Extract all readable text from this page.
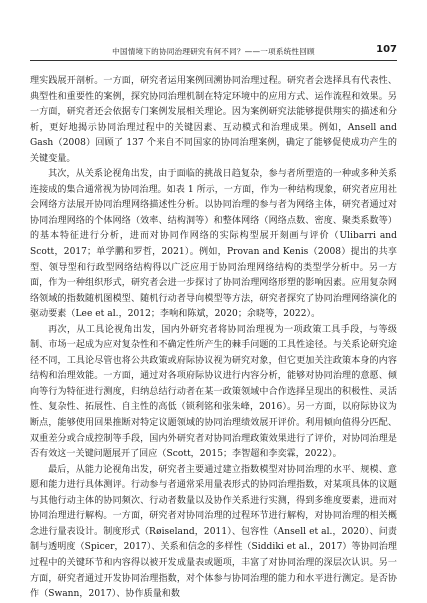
中国情境下的协同治理研究有何不同？——一项系统性回顾	107

理实践展开剖析。一方面，研究者运用案例回溯协同治理过程。研究者会选择具有代表性、典型性和重要性的案例，探究协同治理机制在特定环境中的应用方式、运作流程和效果。另一方面，研究者还会依据专门案例发展相关理论。因为案例研究法能够提供翔实的描述和分析，更好地揭示协同治理过程中的关键因素、互动模式和治理成果。例如，Ansell and Gash（2008）回顾了 137 个来自不同国家的协同治理案例，确定了能够促使成功产生的关键变量。

其次，从关系论视角出发，由于面临的挑战日趋复杂，参与者所塑造的一种或多种关系连接成的集合通常视为协同治理。如表 1 所示，一方面，作为一种结构现象，研究者应用社会网络方法展开协同治理网络描述性分析。以协同治理的参与者为网络主体，研究者通过对协同治理网络的个体网络（效率、结构洞等）和整体网络（网络点数、密度、聚类系数等）的基本特征进行分析，进而对协同作网络的实际构型展开刻画与评价（Ulibarri and Scott，2017；单学鹏和罗哲，2021）。例如，Provan and Kenis（2008）提出的共享型、领导型和行政型网络结构得以广泛应用于协同治理网络结构的类型学分析中。另一方面，作为一种组织形式，研究者会进一步探讨了协同治理网络形塑的影响因素。应用复杂网络领域的指数随机图模型、随机行动者导向模型等方法，研究者探究了协同治理网络演化的驱动要素（Lee et al.，2012；李响和陈斌，2020；余晓等，2022）。

再次，从工具论视角出发，国内外研究者将协同治理视为一项政策工具手段，与等级制、市场一起成为应对复杂性和不确定性所产生的棘手问题的工具性途径。与关系论研究途径不同，工具论尽管也将公共政策或府际协议视为研究对象，但它更加关注政策本身的内容结构和治理效能。一方面，通过对各项府际协议进行内容分析，能够对协同治理的意愿、倾向等行为特征进行测度，归纳总结行动者在某一政策领域中合作选择呈现出的积极性、灵活性、复杂性、拓展性、自主性的高低（锁利铭和张朱峰，2016）。另一方面，以府际协议为断点，能够使用回果推断对特定议题领域的协同治理绩效展开评价。利用倾向值得分匹配、双重差分或合成控制等手段，国内外研究者对协同治理政策效果进行了评价，对协同治理是否有效这一关键问题展开了回应（Scott，2015；李智超和李奕霖，2022）。

最后，从能力论视角出发，研究者主要通过建立指数模型对协同治理的水平、规模、意愿和能力进行具体测评。行动参与者通常采用量表形式的协同治理指数，对某项具体的议题与其他行动主体的协同频次、行动者数量以及协作关系进行实测，得到多维度要素，进而对协同治理进行解构。一方面，研究者对协同治理的过程环节进行解构，对协同治理的相关概念进行量表设计。制度形式（Røiseland，2011）、包容性（Ansell et al.，2020）、问责制与透明度（Spicer，2017）、关系和信念的多样性（Siddiki et al.，2017）等协同治理过程中的关键环节和内容得以被开发成量表或题项，丰富了对协同治理的深层次认识。另一方面，研究者通过开发协同治理指数，对个体参与协同治理的能力和水平进行测定。是否协作（Swann，2017）、协作质量和数
